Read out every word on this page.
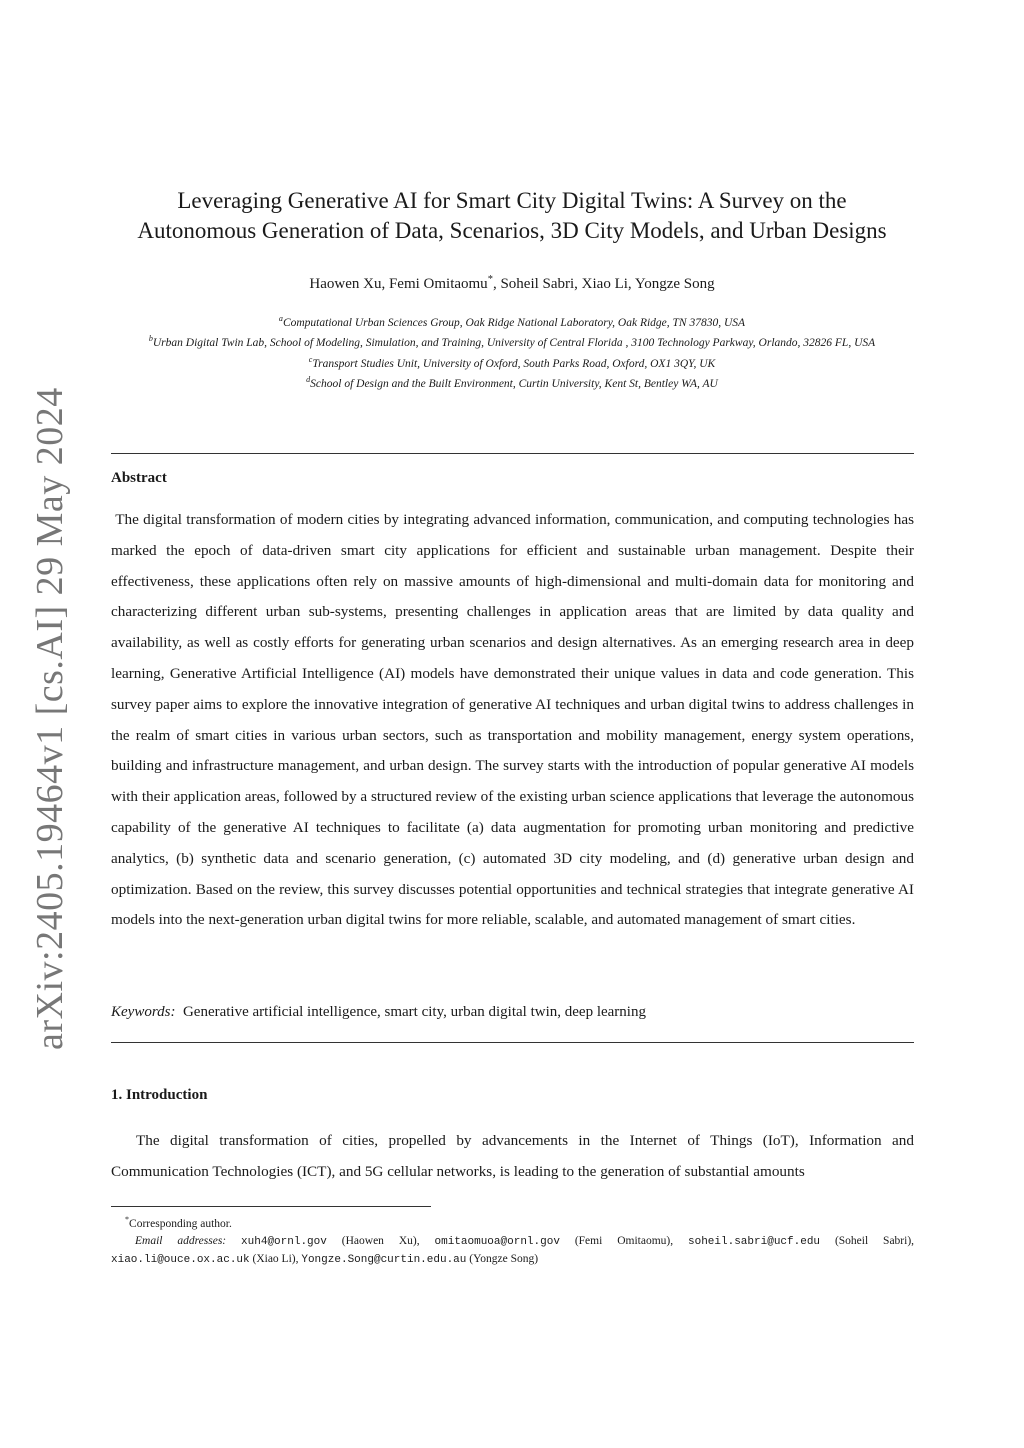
arXiv:2405.19464v1 [cs.AI] 29 May 2024
Leveraging Generative AI for Smart City Digital Twins: A Survey on the
Autonomous Generation of Data, Scenarios, 3D City Models, and Urban Designs
Haowen Xu, Femi Omitaomu*, Soheil Sabri, Xiao Li, Yongze Song
$^a$Computational Urban Sciences Group, Oak Ridge National Laboratory, Oak Ridge, TN 37830, USA
$^b$Urban Digital Twin Lab, School of Modeling, Simulation, and Training, University of Central Florida , 3100 Technology Parkway, Orlando, 32826 FL, USA
$^c$Transport Studies Unit, University of Oxford, South Parks Road, Oxford, OX1 3QY, UK
$^d$School of Design and the Built Environment, Curtin University, Kent St, Bentley WA, AU
Abstract
The digital transformation of modern cities by integrating advanced information, communication, and computing technologies has marked the epoch of data-driven smart city applications for efficient and sustainable urban management. Despite their effectiveness, these applications often rely on massive amounts of high-dimensional and multi-domain data for monitoring and characterizing different urban sub-systems, presenting challenges in application areas that are limited by data quality and availability, as well as costly efforts for generating urban scenarios and design alternatives. As an emerging research area in deep learning, Generative Artificial Intelligence (AI) models have demonstrated their unique values in data and code generation. This survey paper aims to explore the innovative integration of generative AI techniques and urban digital twins to address challenges in the realm of smart cities in various urban sectors, such as transportation and mobility management, energy system operations, building and infrastructure management, and urban design. The survey starts with the introduction of popular generative AI models with their application areas, followed by a structured review of the existing urban science applications that leverage the autonomous capability of the generative AI techniques to facilitate (a) data augmentation for promoting urban monitoring and predictive analytics, (b) synthetic data and scenario generation, (c) automated 3D city modeling, and (d) generative urban design and optimization. Based on the review, this survey discusses potential opportunities and technical strategies that integrate generative AI models into the next-generation urban digital twins for more reliable, scalable, and automated management of smart cities.
Keywords: Generative artificial intelligence, smart city, urban digital twin, deep learning
1. Introduction
The digital transformation of cities, propelled by advancements in the Internet of Things (IoT), Information and Communication Technologies (ICT), and 5G cellular networks, is leading to the generation of substantial amounts
*Corresponding author.
Email addresses: xuh4@ornl.gov (Haowen Xu), omitaomuoa@ornl.gov (Femi Omitaomu), soheil.sabri@ucf.edu (Soheil Sabri), xiao.li@ouce.ox.ac.uk (Xiao Li), Yongze.Song@curtin.edu.au (Yongze Song)
